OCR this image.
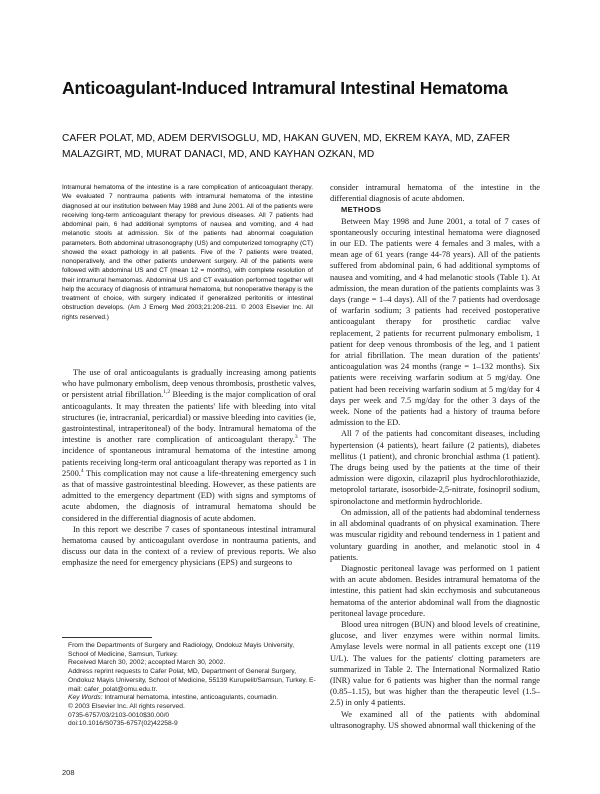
Anticoagulant-Induced Intramural Intestinal Hematoma
CAFER POLAT, MD, ADEM DERVISOGLU, MD, HAKAN GUVEN, MD, EKREM KAYA, MD, ZAFER MALAZGIRT, MD, MURAT DANACI, MD, AND KAYHAN OZKAN, MD

Intramural hematoma of the intestine is a rare complication of anticoagulant therapy. We evaluated 7 nontrauma patients with intramural hematoma of the intestine diagnosed at our institution between May 1988 and June 2001. All of the patients were receiving long-term anticoagulant therapy for previous diseases. All 7 patients had abdominal pain, 6 had additional symptoms of nausea and vomiting, and 4 had melanotic stools at admission. Six of the patients had abnormal coagulation parameters. Both abdominal ultrasonography (US) and computerized tomography (CT) showed the exact pathology in all patients. Five of the 7 patients were treated, nonoperatively, and the other patients underwent surgery. All of the patients were followed with abdominal US and CT (mean 12 = months), with complete resolution of their intramural hematomas. Abdominal US and CT evaluation performed together will help the accuracy of diagnosis of intramural hematoma, but nonoperative therapy is the treatment of choice, with surgery indicated if generalized peritonitis or intestinal obstruction develops. (Am J Emerg Med 2003;21:208-211. © 2003 Elsevier Inc. All rights reserved.)

The use of oral anticoagulants is gradually increasing among patients who have pulmonary embolism, deep venous thrombosis, prosthetic valves, or persistent atrial fibrillation.$^{1,2}$ Bleeding is the major complication of oral anticoagulants. It may threaten the patients' life with bleeding into vital structures (ie, intracranial, pericardial) or massive bleeding into cavities (ie, gastrointestinal, intraperitoneal) of the body. Intramural hematoma of the intestine is another rare complication of anticoagulant therapy.$^3$ The incidence of spontaneous intramural hematoma of the intestine among patients receiving long-term oral anticoagulant therapy was reported as 1 in 2500.$^4$ This complication may not cause a life-threatening emergency such as that of massive gastrointestinal bleeding. However, as these patients are admitted to the emergency department (ED) with signs and symptoms of acute abdomen, the diagnosis of intramural hematoma should be considered in the differential diagnosis of acute abdomen.

In this report we describe 7 cases of spontaneous intestinal intramural hematoma caused by anticoagulant overdose in nontrauma patients, and discuss our data in the context of a review of previous reports. We also emphasize the need for emergency physicians (EPS) and surgeons to

consider intramural hematoma of the intestine in the differential diagnosis of acute abdomen.

METHODS

Between May 1998 and June 2001, a total of 7 cases of spontaneously occuring intestinal hematoma were diagnosed in our ED. The patients were 4 females and 3 males, with a mean age of 61 years (range 44-78 years). All of the patients suffered from abdominal pain, 6 had additional symptoms of nausea and vomiting, and 4 had melanotic stools (Table 1). At admission, the mean duration of the patients complaints was 3 days (range = 1–4 days). All of the 7 patients had overdosage of warfarin sodium; 3 patients had received postoperative anticoagulant therapy for prosthetic cardiac valve replacement, 2 patients for recurrent pulmonary embolism, 1 patient for deep venous thrombosis of the leg, and 1 patient for atrial fibrillation. The mean duration of the patients' anticoagulation was 24 months (range = 1–132 months). Six patients were receiving warfarin sodium at 5 mg/day. One patient had been receiving warfarin sodium at 5 mg/day for 4 days per week and 7.5 mg/day for the other 3 days of the week. None of the patients had a history of trauma before admission to the ED.

All 7 of the patients had concomitant diseases, including hypertension (4 patients), heart failure (2 patients), diabetes mellitus (1 patient), and chronic bronchial asthma (1 patient). The drugs being used by the patients at the time of their admission were digoxin, cilazapril plus hydrochlorothiazide, metoprolol tartarate, isosorbide-2,5-nitrate, fosinopril sodium, spironolactone and metformin hydrochloride.

On admission, all of the patients had abdominal tenderness in all abdominal quadrants of on physical examination. There was muscular rigidity and rebound tenderness in 1 patient and voluntary guarding in another, and melanotic stool in 4 patients.

Diagnostic peritoneal lavage was performed on 1 patient with an acute abdomen. Besides intramural hematoma of the intestine, this patient had skin ecchymosis and subcutaneous hematoma of the anterior abdominal wall from the diagnostic peritoneal lavage procedure.

Blood urea nitrogen (BUN) and blood levels of creatinine, glucose, and liver enzymes were within normal limits. Amylase levels were normal in all patients except one (119 U/L). The values for the patients' clotting parameters are summarized in Table 2. The International Normalized Ratio (INR) value for 6 patients was higher than the normal range (0.85–1.15), but was higher than the therapeutic level (1.5–2.5) in only 4 patients.

We examined all of the patients with abdominal ultrasonography. US showed abnormal wall thickening of the

From the Departments of Surgery and Radiology, Ondokuz Mayis University, School of Medicine, Samsun, Turkey.
Received March 30, 2002; accepted March 30, 2002.
Address reprint requests to Cafer Polat, MD, Department of General Surgery, Ondokuz Mayis University, School of Medicine, 55139 Kurupelit/Samsun, Turkey. E-mail: cafer_polat@omu.edu.tr.
Key Words: Intramural hematoma, intestine, anticoagulants, coumadin.
© 2003 Elsevier Inc. All rights reserved.
0735-6757/03/2103-0010$30.00/0
doi:10.1016/S0735-6757(02)42258-9
208
